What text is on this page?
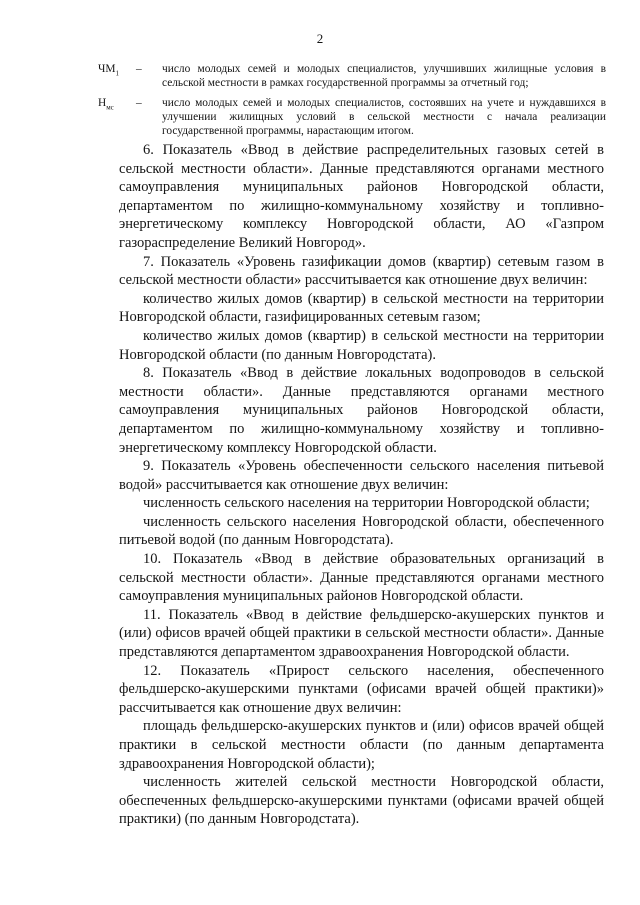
2
$ЧМ_1$	–	число молодых семей и молодых специалистов, улучшивших жилищные условия в сельской местности в рамках государственной программы за отчетный год;
$Н_{мс}$	–	число молодых семей и молодых специалистов, состоявших на учете и нуждавшихся в улучшении жилищных условий в сельской местности с начала реализации государственной программы, нарастающим итогом.

6. Показатель «Ввод в действие распределительных газовых сетей в сельской местности области». Данные представляются органами местного самоуправления муниципальных районов Новгородской области, департаментом по жилищно-коммунальному хозяйству и топливно-энергетическому комплексу Новгородской области, АО «Газпром газораспределение Великий Новгород».

7. Показатель «Уровень газификации домов (квартир) сетевым газом в сельской местности области» рассчитывается как отношение двух величин:

количество жилых домов (квартир) в сельской местности на территории Новгородской области, газифицированных сетевым газом;

количество жилых домов (квартир) в сельской местности на территории Новгородской области (по данным Новгородстата).

8. Показатель «Ввод в действие локальных водопроводов в сельской местности области». Данные представляются органами местного самоуправления муниципальных районов Новгородской области, департаментом по жилищно-коммунальному хозяйству и топливно-энергетическому комплексу Новгородской области.

9. Показатель «Уровень обеспеченности сельского населения питьевой водой» рассчитывается как отношение двух величин:

численность сельского населения на территории Новгородской области;

численность сельского населения Новгородской области, обеспеченного питьевой водой (по данным Новгородстата).

10. Показатель «Ввод в действие образовательных организаций в сельской местности области». Данные представляются органами местного самоуправления муниципальных районов Новгородской области.

11. Показатель «Ввод в действие фельдшерско-акушерских пунктов и (или) офисов врачей общей практики в сельской местности области». Данные представляются департаментом здравоохранения Новгородской области.

12. Показатель «Прирост сельского населения, обеспеченного фельдшерско-акушерскими пунктами (офисами врачей общей практики)» рассчитывается как отношение двух величин:

площадь фельдшерско-акушерских пунктов и (или) офисов врачей общей практики в сельской местности области (по данным департамента здравоохранения Новгородской области);

численность жителей сельской местности Новгородской области, обеспеченных фельдшерско-акушерскими пунктами (офисами врачей общей практики) (по данным Новгородстата).
